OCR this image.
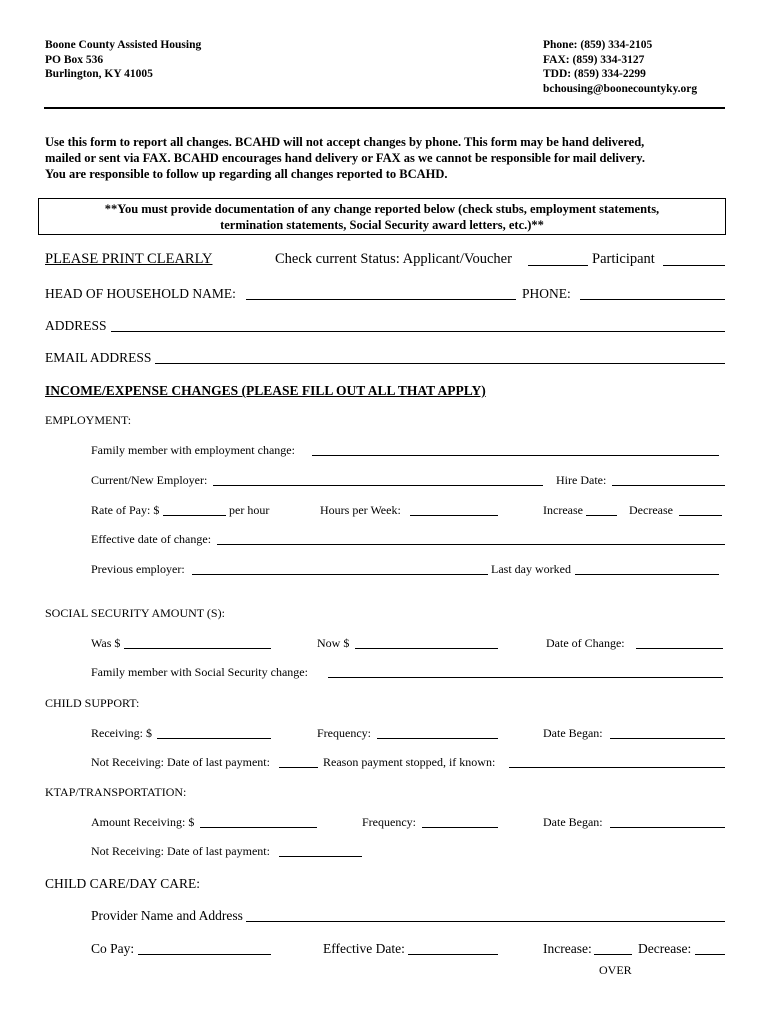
Boone County Assisted Housing
PO Box 536
Burlington, KY 41005
Phone: (859) 334-2105
FAX: (859) 334-3127
TDD: (859) 334-2299
bchousing@boonecountyky.org
Use this form to report all changes. BCAHD will not accept changes by phone. This form may be hand delivered,
mailed or sent via FAX. BCAHD encourages hand delivery or FAX as we cannot be responsible for mail delivery.
You are responsible to follow up regarding all changes reported to BCAHD.
**You must provide documentation of any change reported below (check stubs, employment statements,
termination statements, Social Security award letters, etc.)**
PLEASE PRINT CLEARLY	Check current Status: Applicant/Voucher	Participant
HEAD OF HOUSEHOLD NAME:	PHONE:
ADDRESS
EMAIL ADDRESS
INCOME/EXPENSE CHANGES (PLEASE FILL OUT ALL THAT APPLY)
EMPLOYMENT:
Family member with employment change:
Current/New Employer:	Hire Date:
Rate of Pay: $	per hour	Hours per Week:	Increase	Decrease
Effective date of change:
Previous employer:	Last day worked
SOCIAL SECURITY AMOUNT (S):
Was $	Now $	Date of Change:
Family member with Social Security change:
CHILD SUPPORT:
Receiving: $	Frequency:	Date Began:
Not Receiving: Date of last payment:	Reason payment stopped, if known:
KTAP/TRANSPORTATION:
Amount Receiving: $	Frequency:	Date Began:
Not Receiving: Date of last payment:
CHILD CARE/DAY CARE:
Provider Name and Address
Co Pay:	Effective Date:	Increase:	Decrease:
OVER
